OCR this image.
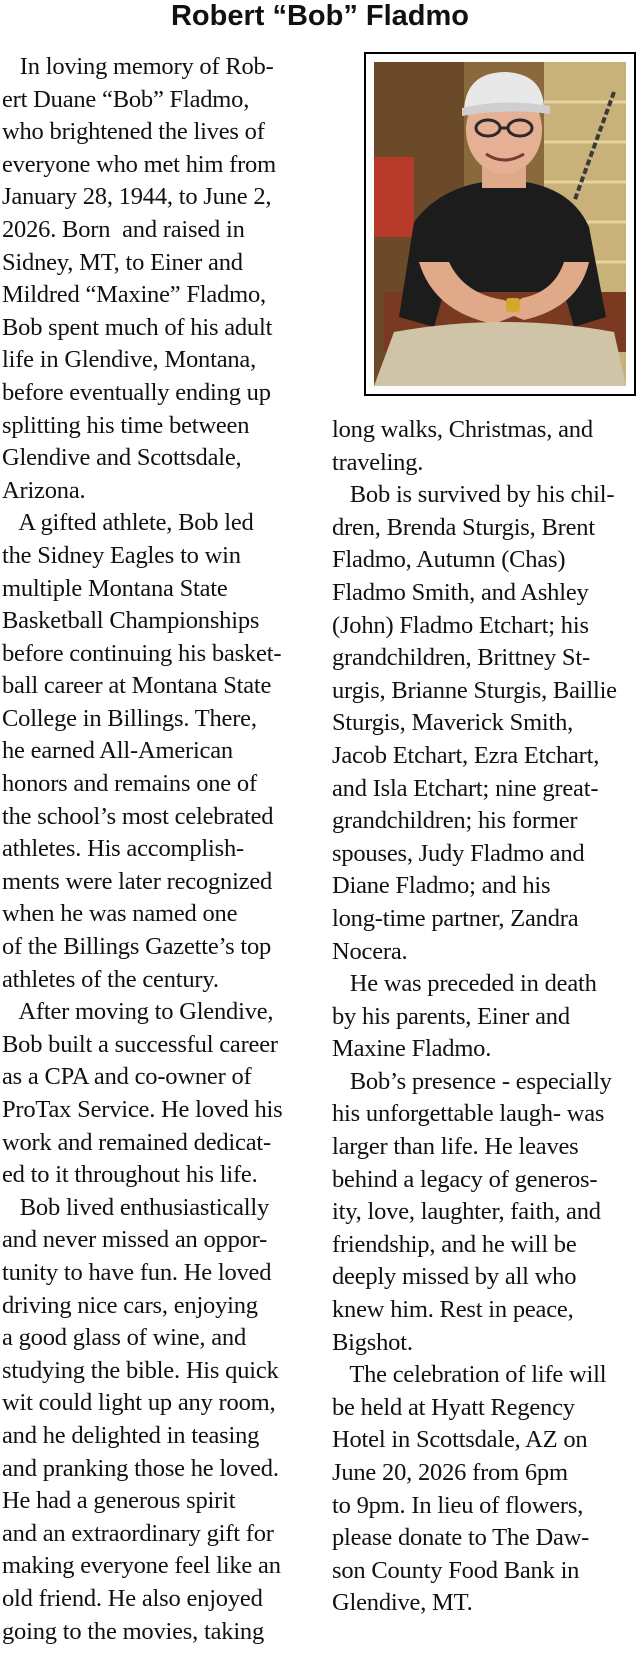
Robert “Bob” Fladmo
In loving memory of Rob-
ert Duane “Bob” Fladmo,
who brightened the lives of
everyone who met him from
January 28, 1944, to June 2,
2026. Born  and raised in
Sidney, MT, to Einer and
Mildred “Maxine” Fladmo,
Bob spent much of his adult
life in Glendive, Montana,
before eventually ending up
splitting his time between
Glendive and Scottsdale,
Arizona.
A gifted athlete, Bob led
the Sidney Eagles to win
multiple Montana State
Basketball Championships
before continuing his basket-
ball career at Montana State
College in Billings. There,
he earned All-American
honors and remains one of
the school’s most celebrated
athletes. His accomplish-
ments were later recognized
when he was named one
of the Billings Gazette’s top
athletes of the century.
After moving to Glendive,
Bob built a successful career
as a CPA and co-owner of
ProTax Service. He loved his
work and remained dedicat-
ed to it throughout his life.
Bob lived enthusiastically
and never missed an oppor-
tunity to have fun. He loved
driving nice cars, enjoying
a good glass of wine, and
studying the bible. His quick
wit could light up any room,
and he delighted in teasing
and pranking those he loved.
He had a generous spirit
and an extraordinary gift for
making everyone feel like an
old friend. He also enjoyed
going to the movies, taking
long walks, Christmas, and
traveling.
Bob is survived by his chil-
dren, Brenda Sturgis, Brent
Fladmo, Autumn (Chas)
Fladmo Smith, and Ashley
(John) Fladmo Etchart; his
grandchildren, Brittney St-
urgis, Brianne Sturgis, Baillie
Sturgis, Maverick Smith,
Jacob Etchart, Ezra Etchart,
and Isla Etchart; nine great-
grandchildren; his former
spouses, Judy Fladmo and
Diane Fladmo; and his
long-time partner, Zandra
Nocera.
He was preceded in death
by his parents, Einer and
Maxine Fladmo.
Bob’s presence - especially
his unforgettable laugh- was
larger than life. He leaves
behind a legacy of generos-
ity, love, laughter, faith, and
friendship, and he will be
deeply missed by all who
knew him. Rest in peace,
Bigshot.
The celebration of life will
be held at Hyatt Regency
Hotel in Scottsdale, AZ on
June 20, 2026 from 6pm
to 9pm. In lieu of flowers,
please donate to The Daw-
son County Food Bank in
Glendive, MT.
